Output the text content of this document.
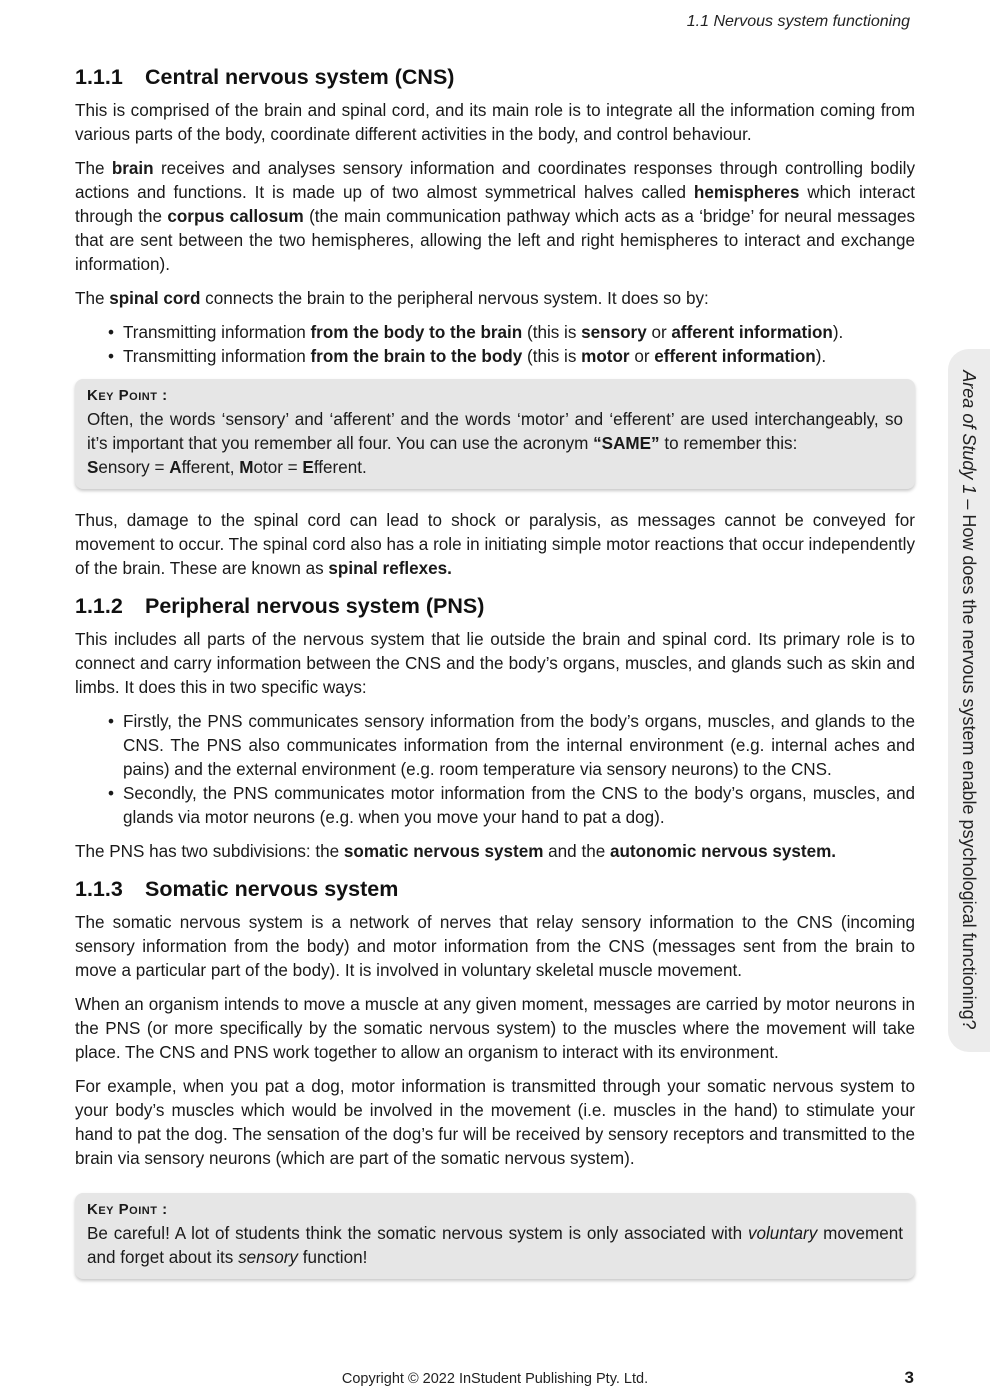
1.1 Nervous system functioning
Area of Study 1 – How does the nervous system enable psychological functioning?
1.1.1 Central nervous system (CNS)

This is comprised of the brain and spinal cord, and its main role is to integrate all the information coming from various parts of the body, coordinate different activities in the body, and control behaviour.

The brain receives and analyses sensory information and coordinates responses through controlling bodily actions and functions. It is made up of two almost symmetrical halves called hemispheres which interact through the corpus callosum (the main communication pathway which acts as a ‘bridge’ for neural messages that are sent between the two hemispheres, allowing the left and right hemispheres to interact and exchange information).

The spinal cord connects the brain to the peripheral nervous system. It does so by:

• Transmitting information from the body to the brain (this is sensory or afferent information).
• Transmitting information from the brain to the body (this is motor or efferent information).
Key Point :

Often, the words ‘sensory’ and ‘afferent’ and the words ‘motor’ and ‘efferent’ are used interchangeably, so it’s important that you remember all four. You can use the acronym “SAME” to remember this:
Sensory = Afferent, Motor = Efferent.

Thus, damage to the spinal cord can lead to shock or paralysis, as messages cannot be conveyed for movement to occur. The spinal cord also has a role in initiating simple motor reactions that occur independently of the brain. These are known as spinal reflexes.

1.1.2 Peripheral nervous system (PNS)

This includes all parts of the nervous system that lie outside the brain and spinal cord. Its primary role is to connect and carry information between the CNS and the body’s organs, muscles, and glands such as skin and limbs. It does this in two specific ways:

• Firstly, the PNS communicates sensory information from the body’s organs, muscles, and glands to the CNS. The PNS also communicates information from the internal environment (e.g. internal aches and pains) and the external environment (e.g. room temperature via sensory neurons) to the CNS.
• Secondly, the PNS communicates motor information from the CNS to the body’s organs, muscles, and glands via motor neurons (e.g. when you move your hand to pat a dog).

The PNS has two subdivisions: the somatic nervous system and the autonomic nervous system.

1.1.3 Somatic nervous system

The somatic nervous system is a network of nerves that relay sensory information to the CNS (incoming sensory information from the body) and motor information from the CNS (messages sent from the brain to move a particular part of the body). It is involved in voluntary skeletal muscle movement.

When an organism intends to move a muscle at any given moment, messages are carried by motor neurons in the PNS (or more specifically by the somatic nervous system) to the muscles where the movement will take place. The CNS and PNS work together to allow an organism to interact with its environment.

For example, when you pat a dog, motor information is transmitted through your somatic nervous system to your body’s muscles which would be involved in the movement (i.e. muscles in the hand) to stimulate your hand to pat the dog. The sensation of the dog’s fur will be received by sensory receptors and transmitted to the brain via sensory neurons (which are part of the somatic nervous system).

Key Point :

Be careful! A lot of students think the somatic nervous system is only associated with voluntary movement and forget about its sensory function!

Copyright © 2022 InStudent Publishing Pty. Ltd.	3
